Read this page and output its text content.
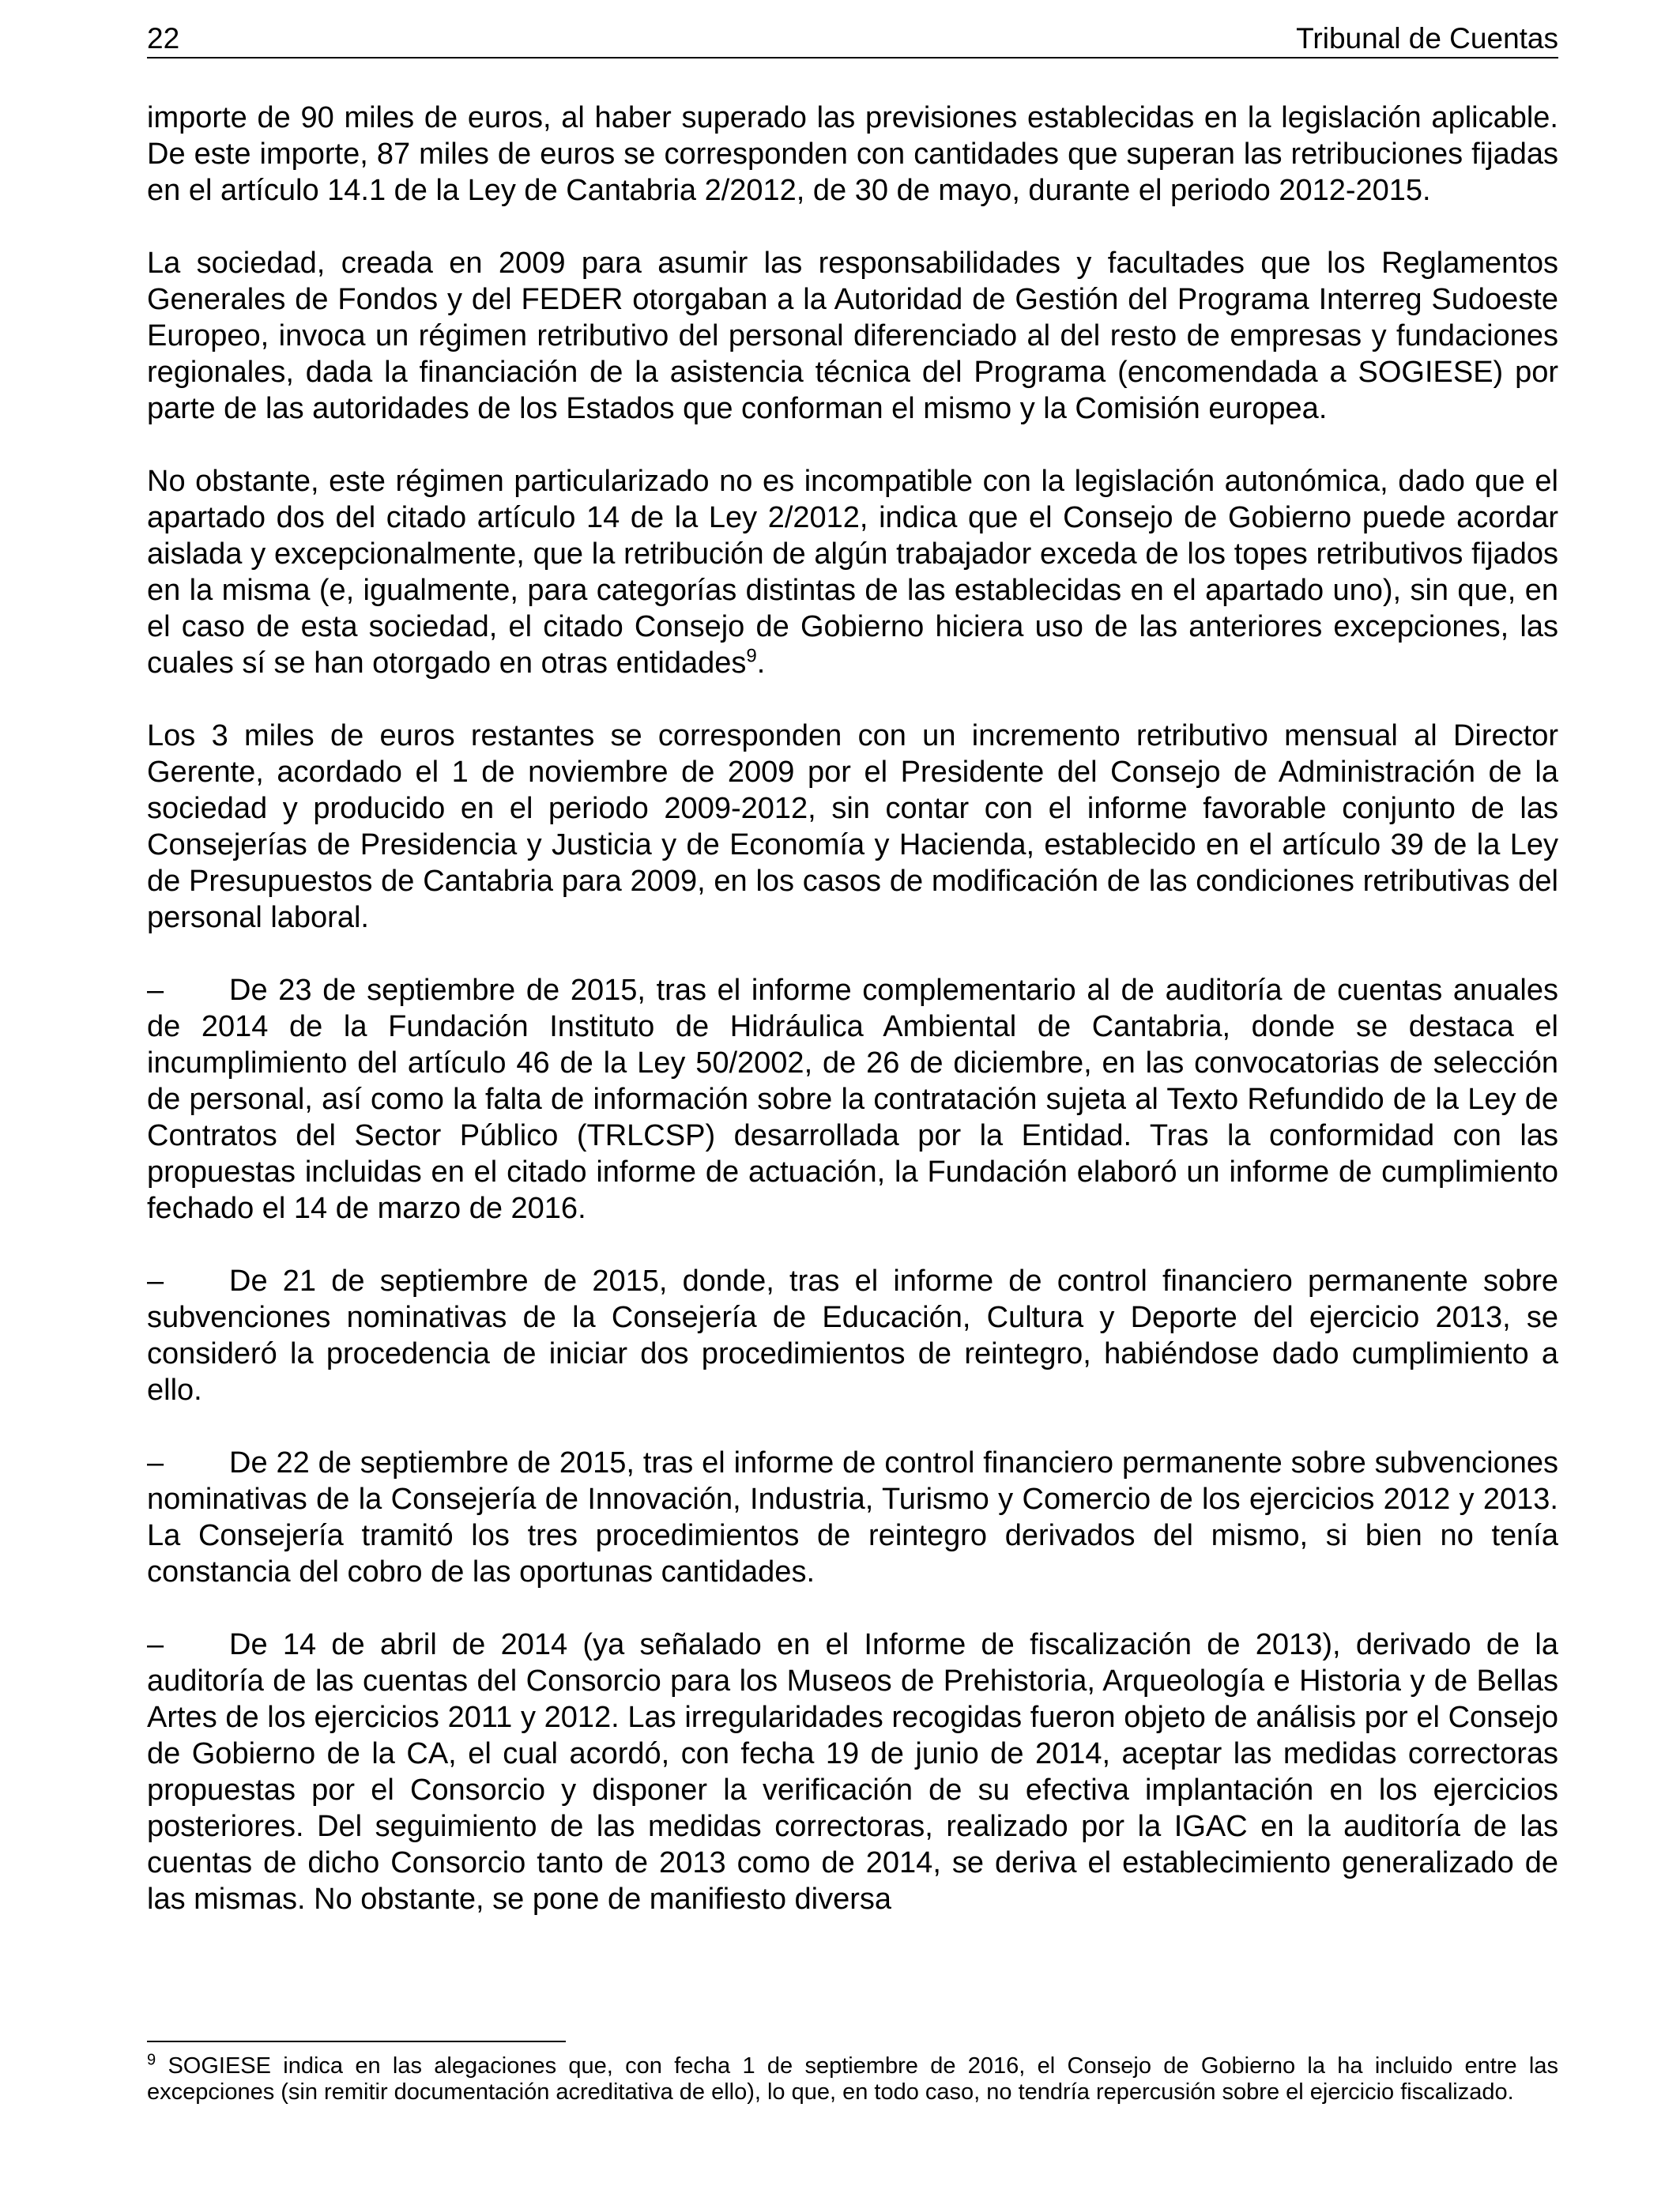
22	Tribunal de Cuentas

importe de 90 miles de euros, al haber superado las previsiones establecidas en la legislación aplicable. De este importe, 87 miles de euros se corresponden con cantidades que superan las retribuciones fijadas en el artículo 14.1 de la Ley de Cantabria 2/2012, de 30 de mayo, durante el periodo 2012-2015.

La sociedad, creada en 2009 para asumir las responsabilidades y facultades que los Reglamentos Generales de Fondos y del FEDER otorgaban a la Autoridad de Gestión del Programa Interreg Sudoeste Europeo, invoca un régimen retributivo del personal diferenciado al del resto de empresas y fundaciones regionales, dada la financiación de la asistencia técnica del Programa (encomendada a SOGIESE) por parte de las autoridades de los Estados que conforman el mismo y la Comisión europea.

No obstante, este régimen particularizado no es incompatible con la legislación autonómica, dado que el apartado dos del citado artículo 14 de la Ley 2/2012, indica que el Consejo de Gobierno puede acordar aislada y excepcionalmente, que la retribución de algún trabajador exceda de los topes retributivos fijados en la misma (e, igualmente, para categorías distintas de las establecidas en el apartado uno), sin que, en el caso de esta sociedad, el citado Consejo de Gobierno hiciera uso de las anteriores excepciones, las cuales sí se han otorgado en otras entidades$^9$.

Los 3 miles de euros restantes se corresponden con un incremento retributivo mensual al Director Gerente, acordado el 1 de noviembre de 2009 por el Presidente del Consejo de Administración de la sociedad y producido en el periodo 2009-2012, sin contar con el informe favorable conjunto de las Consejerías de Presidencia y Justicia y de Economía y Hacienda, establecido en el artículo 39 de la Ley de Presupuestos de Cantabria para 2009, en los casos de modificación de las condiciones retributivas del personal laboral.

– De 23 de septiembre de 2015, tras el informe complementario al de auditoría de cuentas anuales de 2014 de la Fundación Instituto de Hidráulica Ambiental de Cantabria, donde se destaca el incumplimiento del artículo 46 de la Ley 50/2002, de 26 de diciembre, en las convocatorias de selección de personal, así como la falta de información sobre la contratación sujeta al Texto Refundido de la Ley de Contratos del Sector Público (TRLCSP) desarrollada por la Entidad. Tras la conformidad con las propuestas incluidas en el citado informe de actuación, la Fundación elaboró un informe de cumplimiento fechado el 14 de marzo de 2016.

– De 21 de septiembre de 2015, donde, tras el informe de control financiero permanente sobre subvenciones nominativas de la Consejería de Educación, Cultura y Deporte del ejercicio 2013, se consideró la procedencia de iniciar dos procedimientos de reintegro, habiéndose dado cumplimiento a ello.

– De 22 de septiembre de 2015, tras el informe de control financiero permanente sobre subvenciones nominativas de la Consejería de Innovación, Industria, Turismo y Comercio de los ejercicios 2012 y 2013. La Consejería tramitó los tres procedimientos de reintegro derivados del mismo, si bien no tenía constancia del cobro de las oportunas cantidades.

– De 14 de abril de 2014 (ya señalado en el Informe de fiscalización de 2013), derivado de la auditoría de las cuentas del Consorcio para los Museos de Prehistoria, Arqueología e Historia y de Bellas Artes de los ejercicios 2011 y 2012. Las irregularidades recogidas fueron objeto de análisis por el Consejo de Gobierno de la CA, el cual acordó, con fecha 19 de junio de 2014, aceptar las medidas correctoras propuestas por el Consorcio y disponer la verificación de su efectiva implantación en los ejercicios posteriores. Del seguimiento de las medidas correctoras, realizado por la IGAC en la auditoría de las cuentas de dicho Consorcio tanto de 2013 como de 2014, se deriva el establecimiento generalizado de las mismas. No obstante, se pone de manifiesto diversa

$^9$ SOGIESE indica en las alegaciones que, con fecha 1 de septiembre de 2016, el Consejo de Gobierno la ha incluido entre las excepciones (sin remitir documentación acreditativa de ello), lo que, en todo caso, no tendría repercusión sobre el ejercicio fiscalizado.
